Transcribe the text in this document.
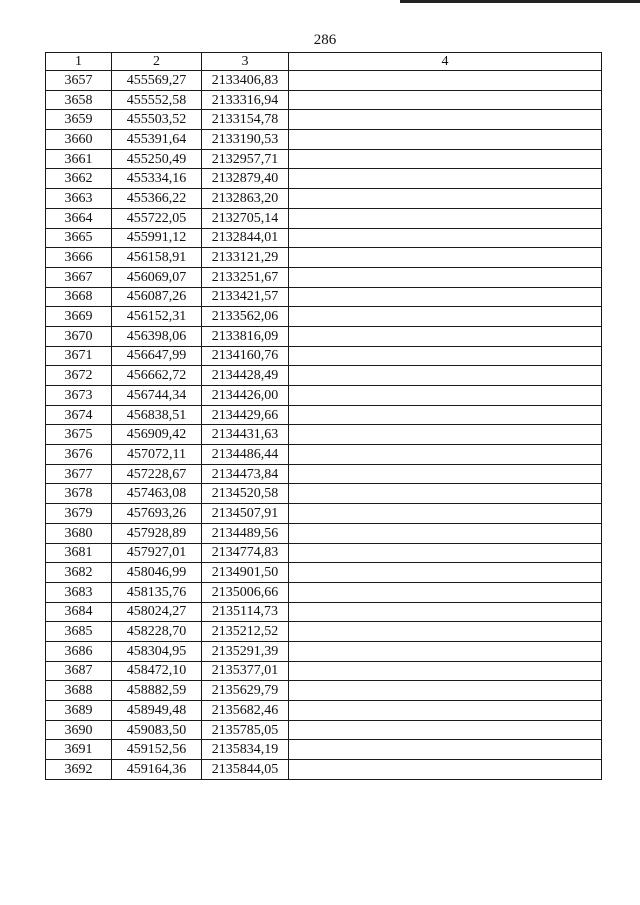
286
1	2	3	4
3657	455569,27	2133406,83	
3658	455552,58	2133316,94	
3659	455503,52	2133154,78	
3660	455391,64	2133190,53	
3661	455250,49	2132957,71	
3662	455334,16	2132879,40	
3663	455366,22	2132863,20	
3664	455722,05	2132705,14	
3665	455991,12	2132844,01	
3666	456158,91	2133121,29	
3667	456069,07	2133251,67	
3668	456087,26	2133421,57	
3669	456152,31	2133562,06	
3670	456398,06	2133816,09	
3671	456647,99	2134160,76	
3672	456662,72	2134428,49	
3673	456744,34	2134426,00	
3674	456838,51	2134429,66	
3675	456909,42	2134431,63	
3676	457072,11	2134486,44	
3677	457228,67	2134473,84	
3678	457463,08	2134520,58	
3679	457693,26	2134507,91	
3680	457928,89	2134489,56	
3681	457927,01	2134774,83	
3682	458046,99	2134901,50	
3683	458135,76	2135006,66	
3684	458024,27	2135114,73	
3685	458228,70	2135212,52	
3686	458304,95	2135291,39	
3687	458472,10	2135377,01	
3688	458882,59	2135629,79	
3689	458949,48	2135682,46	
3690	459083,50	2135785,05	
3691	459152,56	2135834,19	
3692	459164,36	2135844,05	
